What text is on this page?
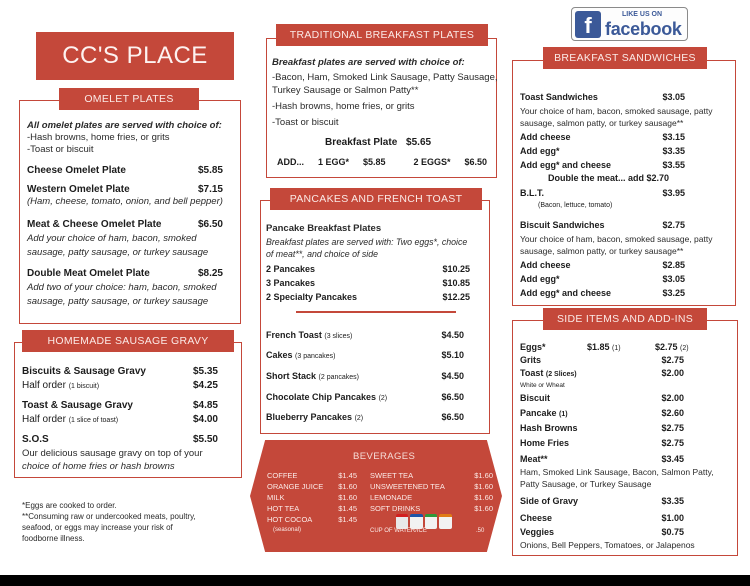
CC'S PLACE
f	LIKE US ON
facebook
OMELET PLATES
All omelet plates are served with choice of:
-Hash browns, home fries, or grits
-Toast or biscuit
Cheese Omelet Plate	$5.85
Western Omelet Plate	$7.15
(Ham, cheese, tomato, onion, and bell pepper)
Meat & Cheese Omelet Plate	$6.50
Add your choice of ham, bacon, smoked sausage, patty sausage, or turkey sausage
Double Meat Omelet Plate	$8.25
Add two of your choice: ham, bacon, smoked sausage, patty sausage, or turkey sausage
HOMEMADE SAUSAGE GRAVY
Biscuits & Sausage Gravy	$5.35
Half order (1 biscuit)	$4.25
Toast & Sausage Gravy	$4.85
Half order (1 slice of toast)	$4.00
S.O.S	$5.50
Our delicious sausage gravy on top of your
choice of home fries or hash browns
*Eggs are cooked to order.
**Consuming raw or undercooked meats, poultry,
seafood, or eggs may increase your risk of
foodborne illness.
TRADITIONAL BREAKFAST PLATES
Breakfast plates are served with choice of:
-Bacon, Ham, Smoked Link Sausage, Patty Sausage,
Turkey Sausage or Salmon Patty**
-Hash browns, home fries, or grits
-Toast or biscuit
Breakfast Plate $5.65
ADD... 1 EGG* $5.85	2 EGGS* $6.50
PANCAKES AND FRENCH TOAST
Pancake Breakfast Plates
Breakfast plates are served with: Two eggs*, choice
of meat**, and choice of side
2 Pancakes	$10.25
3 Pancakes	$10.85
2 Specialty Pancakes	$12.25
French Toast (3 slices)	$4.50
Cakes (3 pancakes)	$5.10
Short Stack (2 pancakes)	$4.50
Chocolate Chip Pancakes (2)	$6.50
Blueberry Pancakes (2)	$6.50
BEVERAGES
COFFEE	$1.45
ORANGE JUICE $1.60
MILK	$1.60
HOT TEA	$1.45
HOT COCOA	$1.45
(seasonal)
SWEET TEA	$1.60
UNSWEETENED TEA	$1.60
LEMONADE	$1.60
SOFT DRINKS	$1.60
CUP OF WATER/ICE	.50
BREAKFAST SANDWICHES
Toast Sandwiches	$3.05
Your choice of ham, bacon, smoked sausage, patty sausage, salmon patty, or turkey sausage**
Add cheese	$3.15
Add egg*	$3.35
Add egg* and cheese	$3.55
Double the meat... add $2.70
B.L.T.	$3.95
(Bacon, lettuce, tomato)
Biscuit Sandwiches	$2.75
Your choice of ham, bacon, smoked sausage, patty sausage, salmon patty, or turkey sausage**
Add cheese	$2.85
Add egg*	$3.05
Add egg* and cheese	$3.25
SIDE ITEMS AND ADD-INS
Eggs*	$1.85 (1)	$2.75 (2)
Grits	$2.75
Toast (2 Slices)	$2.00
White or Wheat
Biscuit	$2.00
Pancake (1)	$2.60
Hash Browns	$2.75
Home Fries	$2.75
Meat**	$3.45
Ham, Smoked Link Sausage, Bacon, Salmon Patty, Patty Sausage, or Turkey Sausage
Side of Gravy	$3.35
Cheese	$1.00
Veggies	$0.75
Onions, Bell Peppers, Tomatoes, or Jalapenos
